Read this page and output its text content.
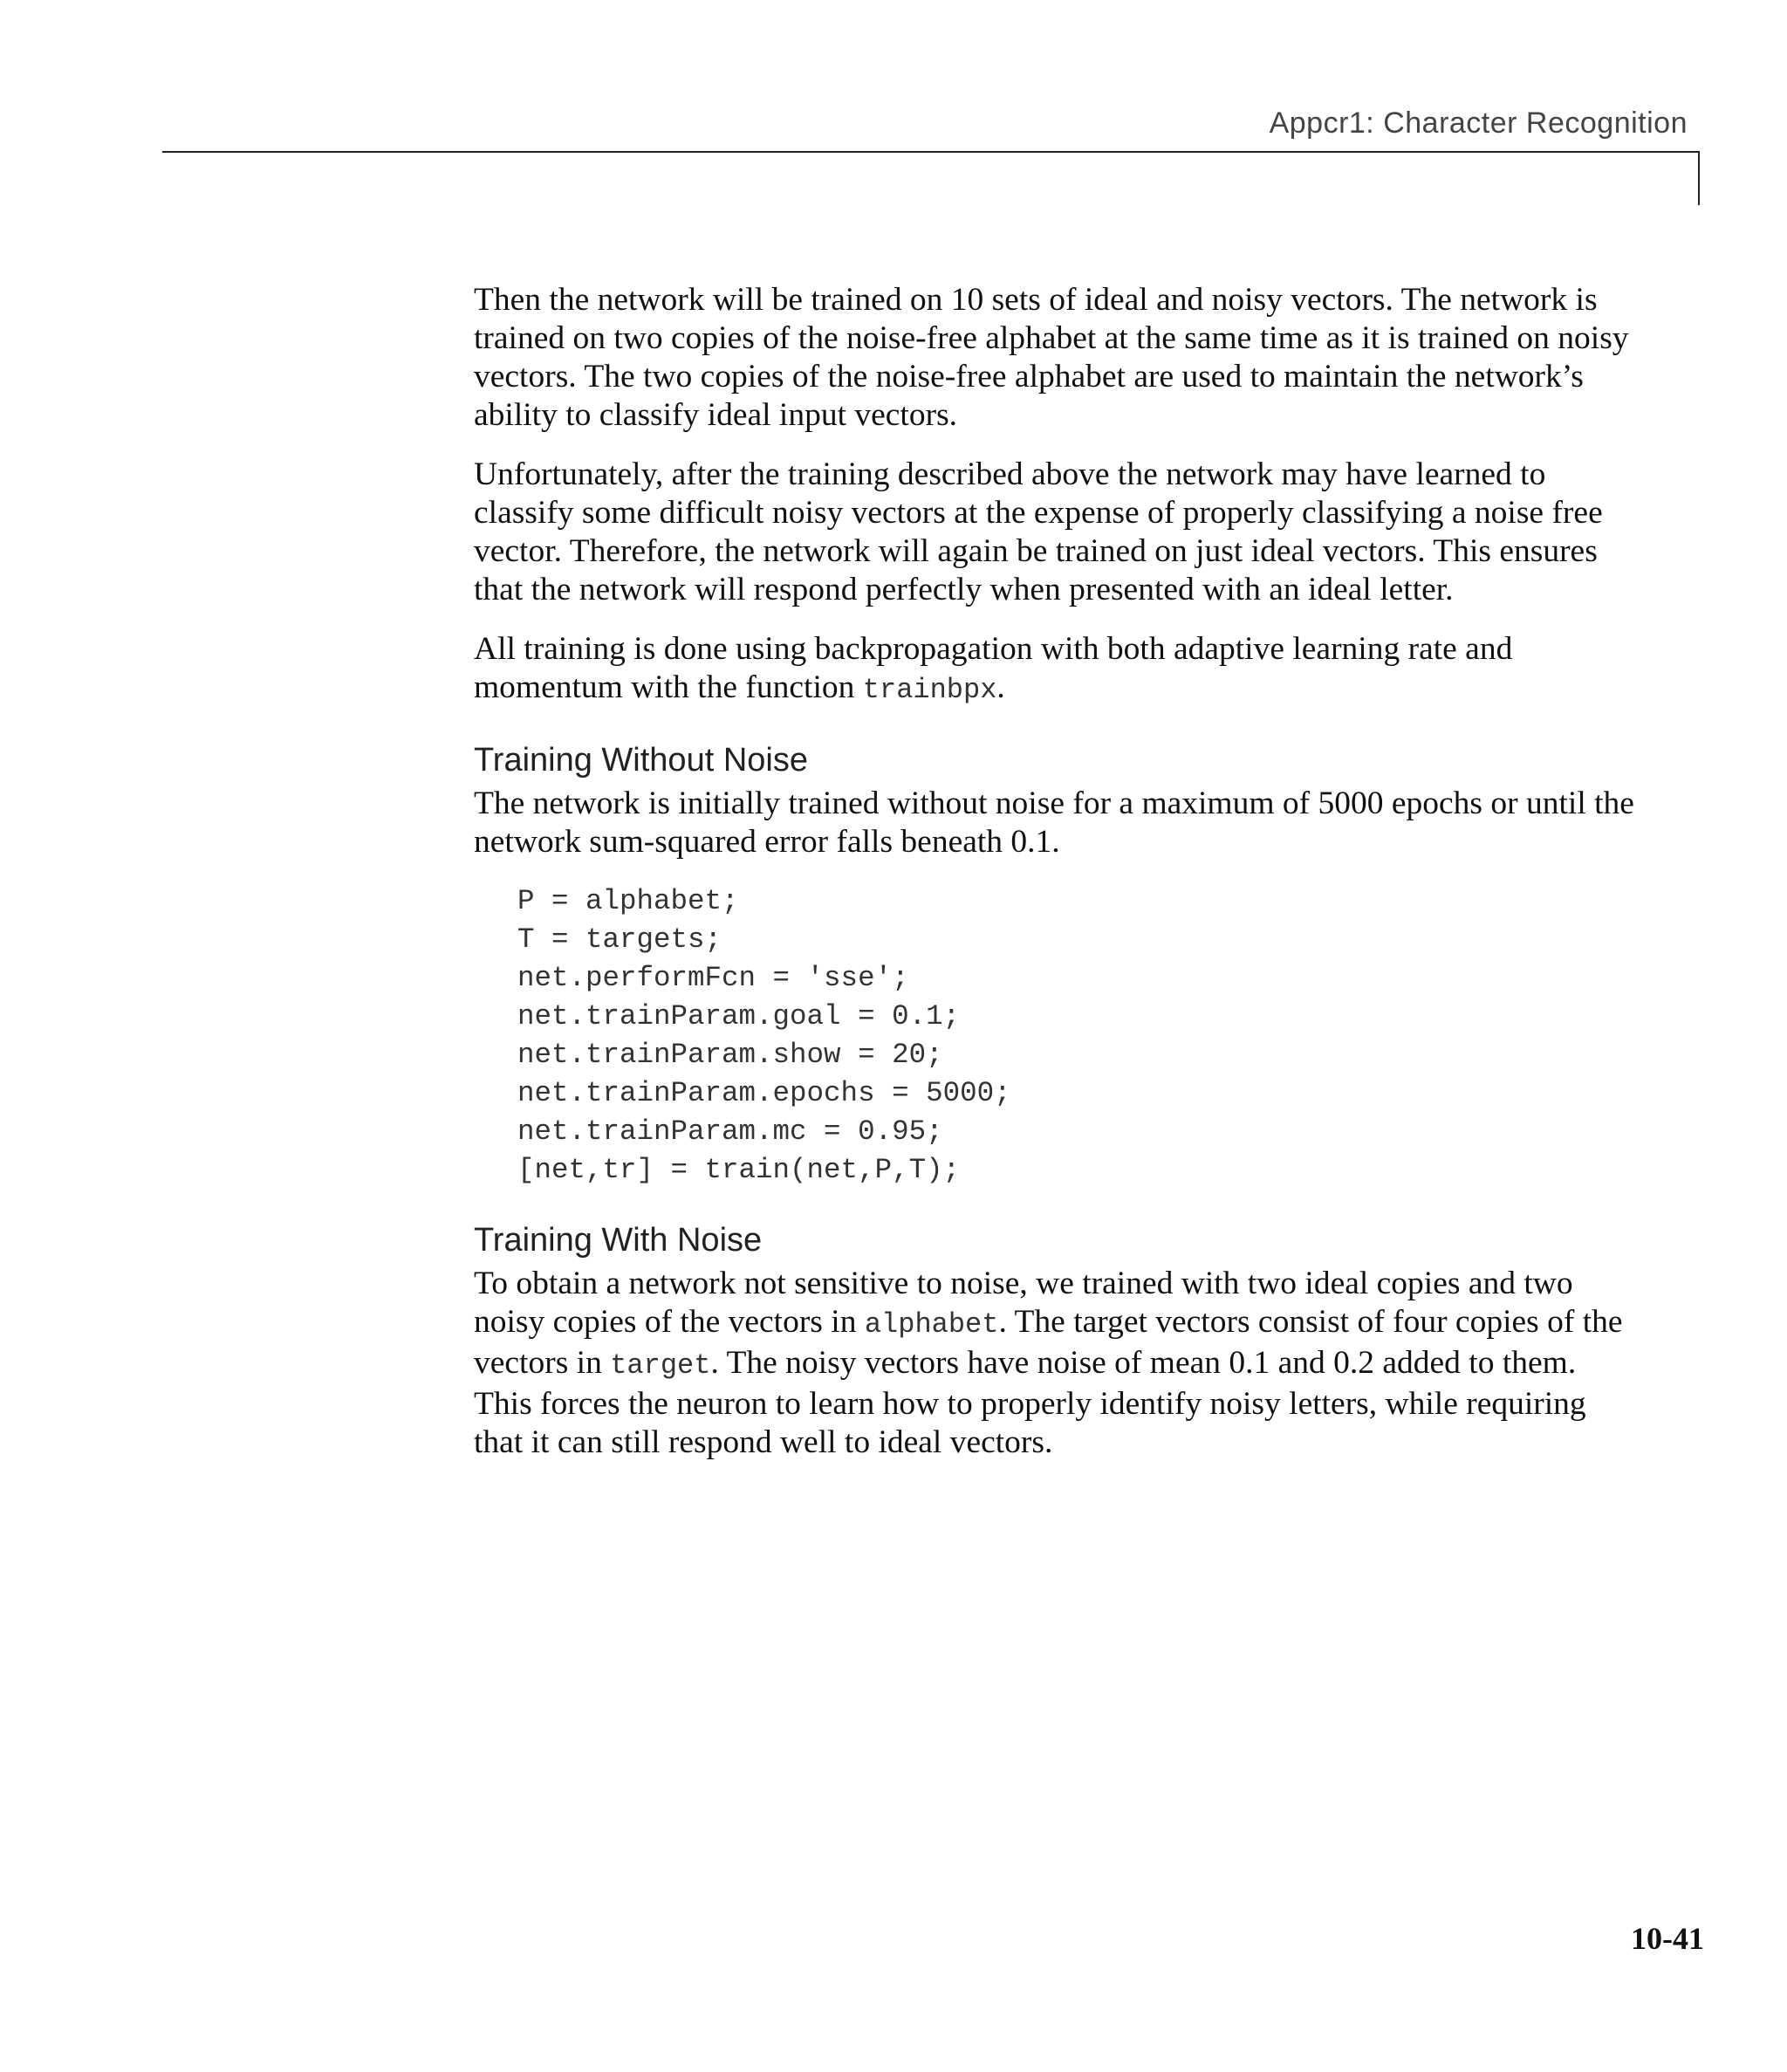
Appcr1: Character Recognition

Then the network will be trained on 10 sets of ideal and noisy vectors. The network is trained on two copies of the noise-free alphabet at the same time as it is trained on noisy vectors. The two copies of the noise-free alphabet are used to maintain the network’s ability to classify ideal input vectors.

Unfortunately, after the training described above the network may have learned to classify some difficult noisy vectors at the expense of properly classifying a noise free vector. Therefore, the network will again be trained on just ideal vectors. This ensures that the network will respond perfectly when presented with an ideal letter.

All training is done using backpropagation with both adaptive learning rate and momentum with the function trainbpx.

Training Without Noise

The network is initially trained without noise for a maximum of 5000 epochs or until the network sum-squared error falls beneath 0.1.

P = alphabet;
T = targets;
net.performFcn = 'sse';
net.trainParam.goal = 0.1;
net.trainParam.show = 20;
net.trainParam.epochs = 5000;
net.trainParam.mc = 0.95;
[net,tr] = train(net,P,T);
Training With Noise

To obtain a network not sensitive to noise, we trained with two ideal copies and two noisy copies of the vectors in alphabet. The target vectors consist of four copies of the vectors in target. The noisy vectors have noise of mean 0.1 and 0.2 added to them. This forces the neuron to learn how to properly identify noisy letters, while requiring that it can still respond well to ideal vectors.

10-41
